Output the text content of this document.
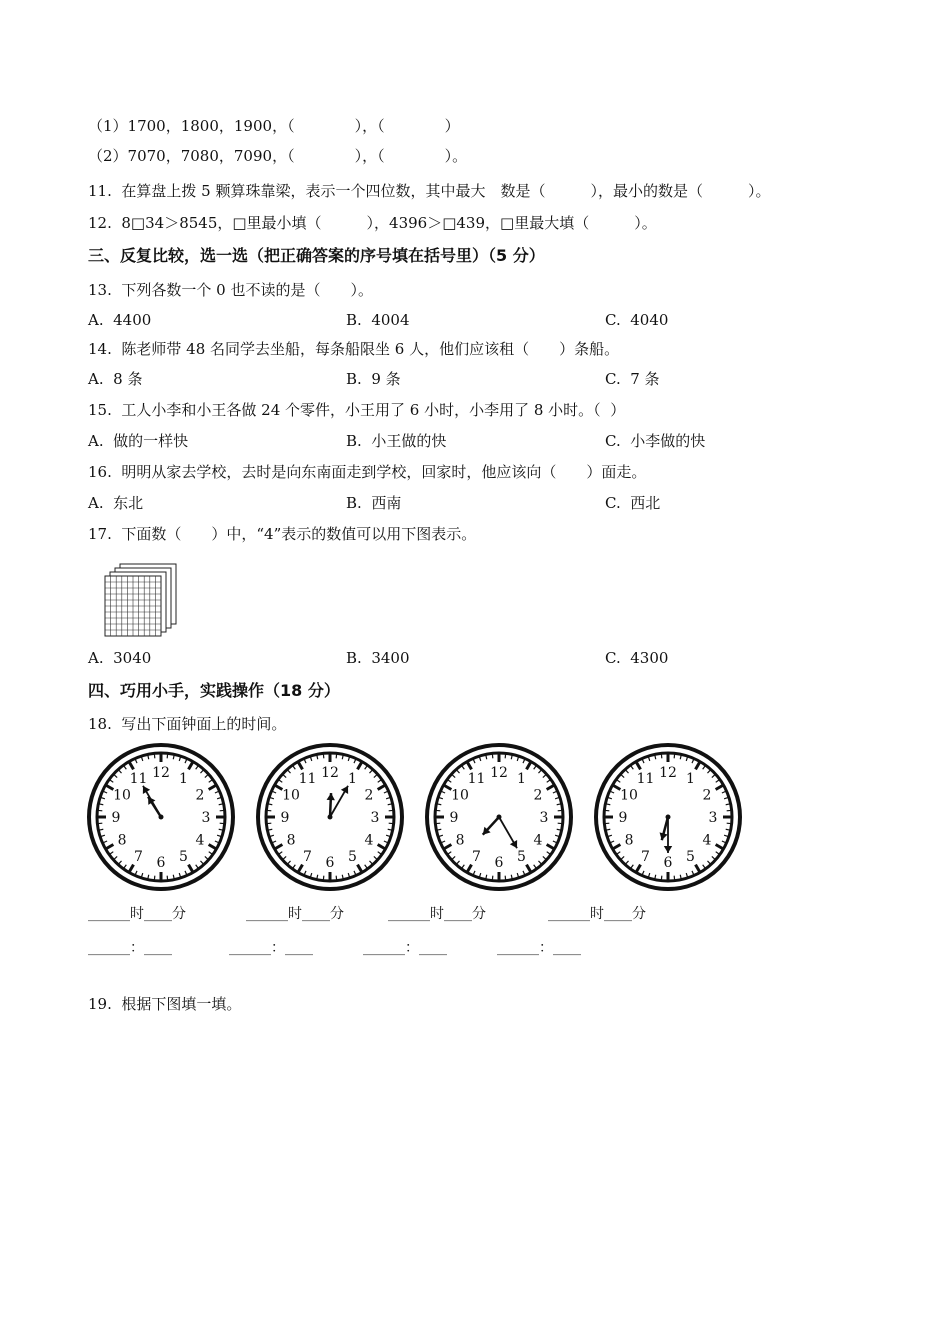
（1）1700，1800，1900，（　　　　），（　　　　）
（2）7070，7080，7090，（　　　　），（　　　　）。
11.  在算盘上拨 5 颗算珠靠梁，表示一个四位数，其中最大　数是（　　　），最小的数是（　　　）。
12.  8□34＞8545，□里最小填（　　　），4396＞□439，□里最大填（　　　）。
三、反复比较，选一选（把正确答案的序号填在括号里）（5 分）
13.  下列各数一个 0 也不读的是（　　）。
A.  4400	B.  4004	C.  4040
14.  陈老师带 48 名同学去坐船，每条船限坐 6 人，他们应该租（　　）条船。
A.  8 条	B.  9 条	C.  7 条
15.  工人小李和小王各做 24 个零件，小王用了 6 小时，小李用了 8 小时。（  ）
A.  做的一样快	B.  小王做的快	C.  小李做的快
16.  明明从家去学校，去时是向东南面走到学校，回家时，他应该向（　　）面走。
A.  东北	B.  西南	C.  西北
17.  下面数（　　）中，“4”表示的数值可以用下图表示。
A.  3040	B.  3400	C.  4300
四、巧用小手，实践操作（18 分）
18.  写出下面钟面上的时间。
12 1
2
3
4
5
6
7
8
9
10
11	12 1
2
3
4
5
6
7
8
9
10
11	12 1
2
3
4
5
6
7
8
9
10
11	12 1
2
3
4
5
6
7
8
9
10
11
______时____分	______时____分	______时____分	______时____分
______：____	______：____	______：____	______：____
19.  根据下图填一填。
